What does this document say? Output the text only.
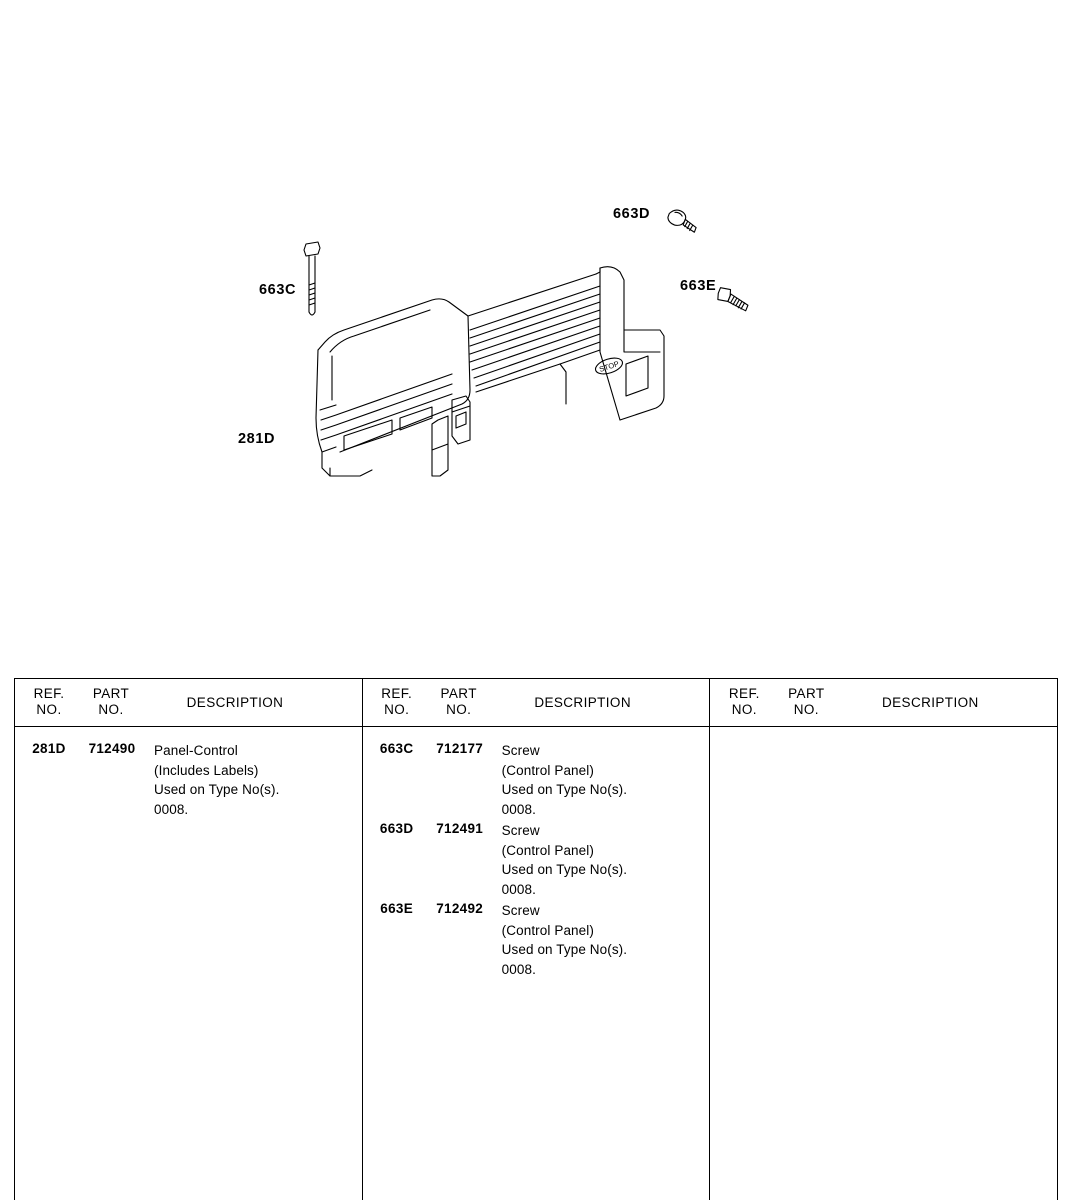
STOP
281D
663C
663D
663E
REF.
NO.
PART
NO.	DESCRIPTION
281D	712490	Panel-Control
(Includes Labels)
Used on Type No(s).
0008.
REF.
NO.
PART
NO.	DESCRIPTION
663C	712177	Screw
(Control Panel)
Used on Type No(s).
0008.
663D	712491	Screw
(Control Panel)
Used on Type No(s).
0008.
663E	712492	Screw
(Control Panel)
Used on Type No(s).
0008.
REF.
NO.
PART
NO.	DESCRIPTION
